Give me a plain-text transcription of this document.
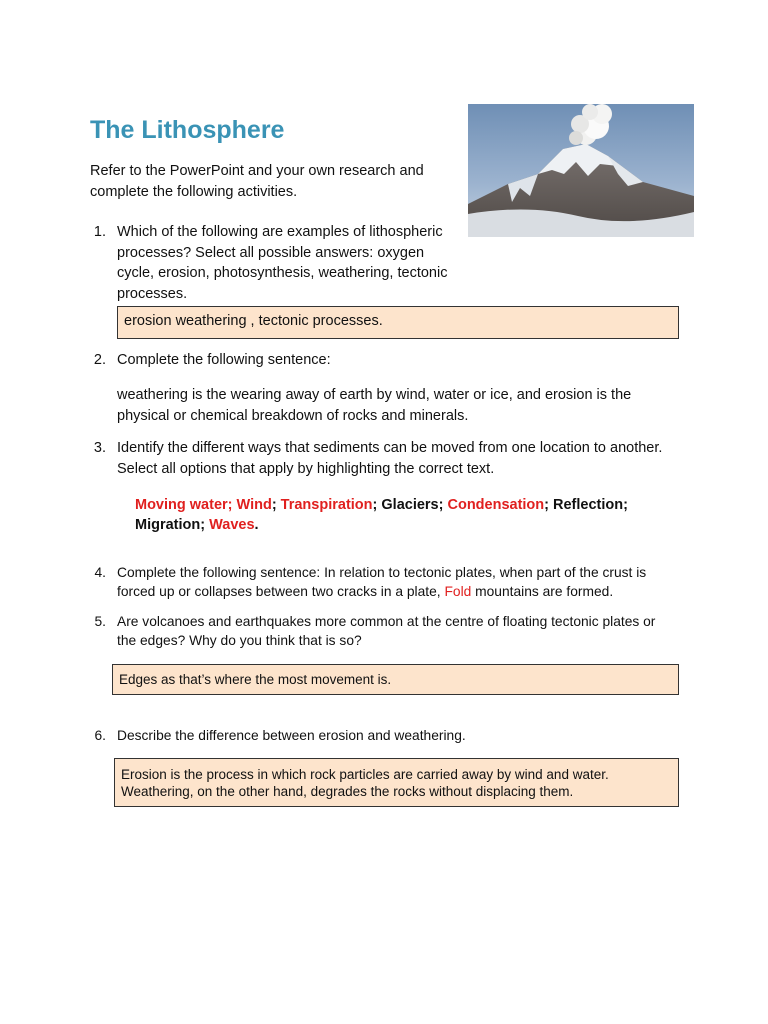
The Lithosphere

Refer to the PowerPoint and your own research and complete the following activities.

1. Which of the following are examples of lithospheric processes? Select all possible answers: oxygen cycle, erosion, photosynthesis, weathering, tectonic processes.

erosion weathering , tectonic processes.
2. Complete the following sentence:

weathering is the wearing away of earth by wind, water or ice, and erosion is the physical or chemical breakdown of rocks and minerals.

3. Identify the different ways that sediments can be moved from one location to another. Select all options that apply by highlighting the correct text.

Moving water; Wind; Transpiration; Glaciers; Condensation; Reflection; Migration; Waves.

4. Complete the following sentence: In relation to tectonic plates, when part of the crust is forced up or collapses between two cracks in a plate, Fold mountains are formed.

5. Are volcanoes and earthquakes more common at the centre of floating tectonic plates or the edges? Why do you think that is so?

Edges as that’s where the most movement is.
6. Describe the difference between erosion and weathering.

Erosion is the process in which rock particles are carried away by wind and water. Weathering, on the other hand, degrades the rocks without displacing them.
